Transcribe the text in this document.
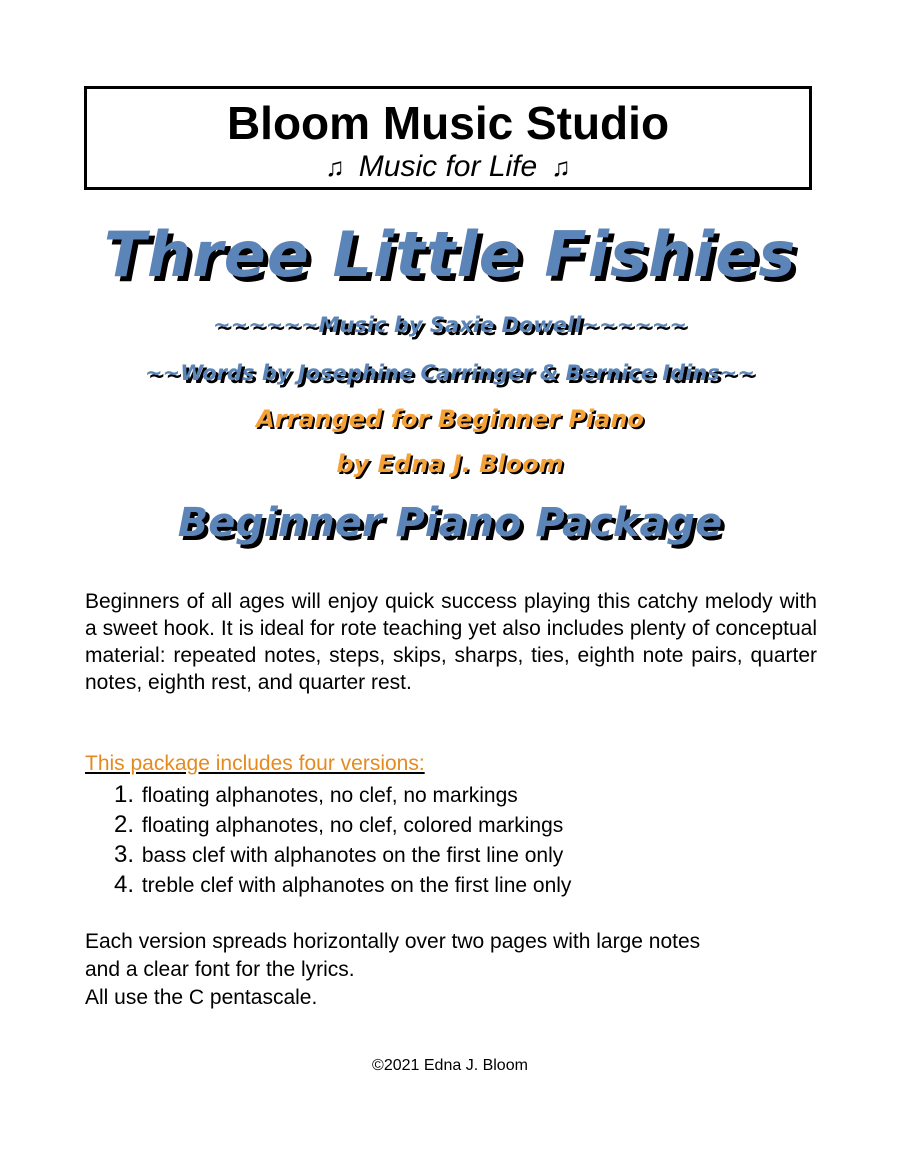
Bloom Music Studio
♫ Music for Life ♫
Three Little Fishies
~~~~~~Music by Saxie Dowell~~~~~~
~~Words by Josephine Carringer & Bernice Idins~~
Arranged for Beginner Piano
by Edna J. Bloom
Beginner Piano Package
Beginners of all ages will enjoy quick success playing this catchy melody with a sweet hook. It is ideal for rote teaching yet also includes plenty of conceptual material: repeated notes, steps, skips, sharps, ties, eighth note pairs, quarter notes, eighth rest, and quarter rest.
This package includes four versions:
1. floating alphanotes, no clef, no markings
2. floating alphanotes, no clef, colored markings
3. bass clef with alphanotes on the first line only
4. treble clef with alphanotes on the first line only
Each version spreads horizontally over two pages with large notes
and a clear font for the lyrics.
All use the C pentascale.
©2021 Edna J. Bloom
